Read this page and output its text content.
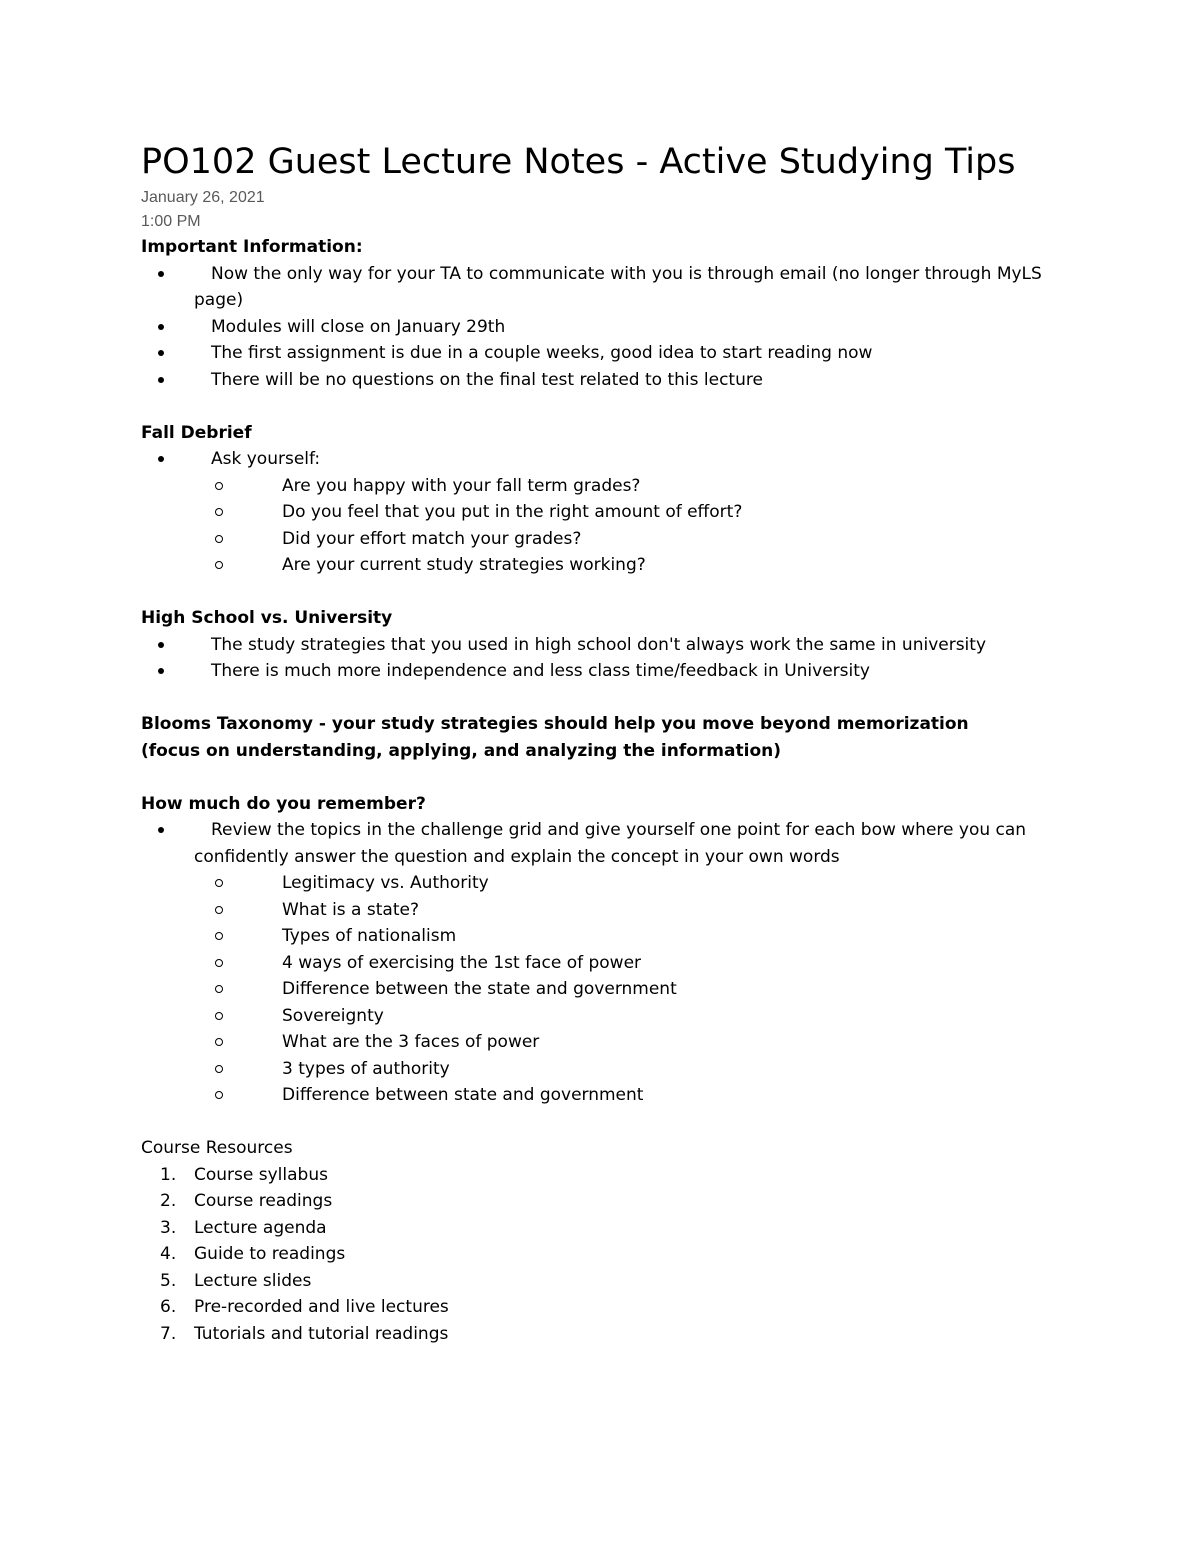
PO102 Guest Lecture Notes - Active Studying Tips
January 26, 2021
1:00 PM
Important Information:
Now the only way for your TA to communicate with you is through email (no longer through MyLS page)
Modules will close on January 29th
The first assignment is due in a couple weeks, good idea to start reading now
There will be no questions on the final test related to this lecture
Fall Debrief
Ask yourself:
Are you happy with your fall term grades?
Do you feel that you put in the right amount of effort?
Did your effort match your grades?
Are your current study strategies working?
High School vs. University
The study strategies that you used in high school don't always work the same in university
There is much more independence and less class time/feedback in University
Blooms Taxonomy - your study strategies should help you move beyond memorization (focus on understanding, applying, and analyzing the information)
How much do you remember?
Review the topics in the challenge grid and give yourself one point for each bow where you can confidently answer the question and explain the concept in your own words
Legitimacy vs. Authority
What is a state?
Types of nationalism
4 ways of exercising the 1st face of power
Difference between the state and government
Sovereignty
What are the 3 faces of power
3 types of authority
Difference between state and government
Course Resources
1. Course syllabus
2. Course readings
3. Lecture agenda
4. Guide to readings
5. Lecture slides
6. Pre-recorded and live lectures
7. Tutorials and tutorial readings
